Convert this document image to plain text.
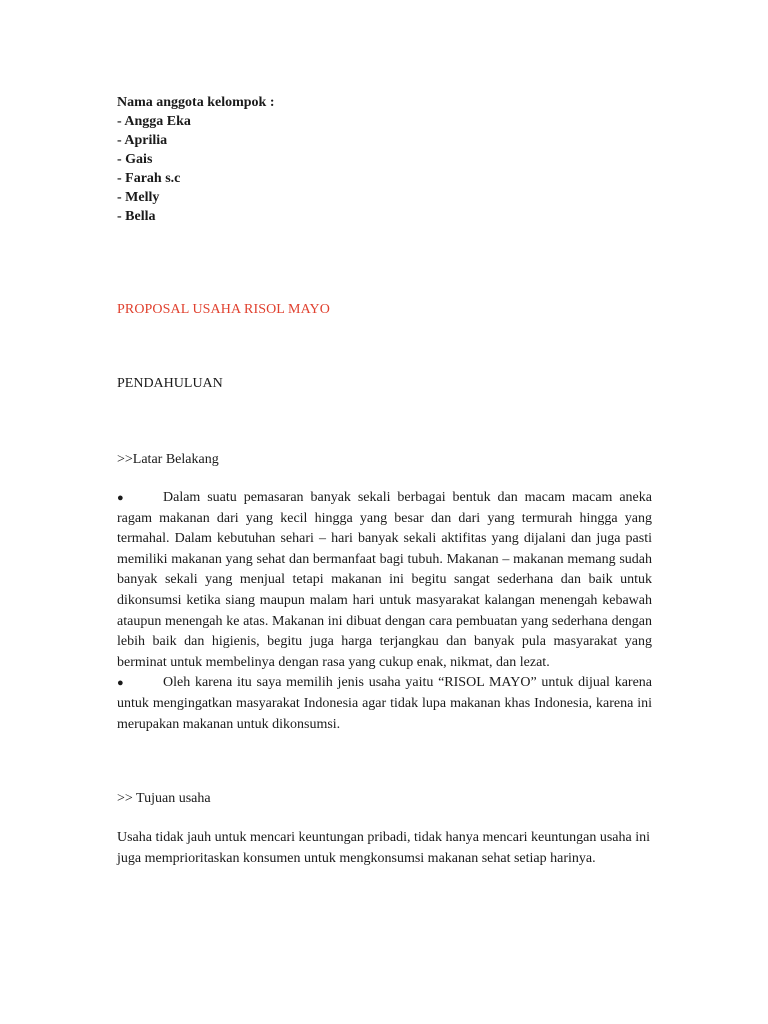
Nama anggota kelompok :
- Angga Eka
- Aprilia
- Gais
- Farah s.c
- Melly
- Bella
PROPOSAL USAHA RISOL MAYO

PENDAHULUAN

>>Latar Belakang

●	Dalam suatu pemasaran banyak sekali berbagai bentuk dan macam macam aneka ragam makanan dari yang kecil hingga yang besar dan dari yang termurah hingga yang termahal. Dalam kebutuhan sehari – hari banyak sekali aktifitas yang dijalani dan juga pasti memiliki makanan yang sehat dan bermanfaat bagi tubuh. Makanan – makanan memang sudah banyak sekali yang menjual tetapi makanan ini begitu sangat sederhana dan baik untuk dikonsumsi ketika siang maupun malam hari untuk masyarakat kalangan menengah kebawah ataupun menengah ke atas. Makanan ini dibuat dengan cara pembuatan yang sederhana dengan lebih baik dan higienis, begitu juga harga terjangkau dan banyak pula masyarakat yang berminat untuk membelinya dengan rasa yang cukup enak, nikmat, dan lezat.
●	Oleh karena itu saya memilih jenis usaha yaitu “RISOL MAYO” untuk dijual karena untuk mengingatkan masyarakat Indonesia agar tidak lupa makanan khas Indonesia, karena ini merupakan makanan untuk dikonsumsi.

>> Tujuan usaha

Usaha tidak jauh untuk mencari keuntungan pribadi, tidak hanya mencari keuntungan usaha ini juga memprioritaskan konsumen untuk mengkonsumsi makanan sehat setiap harinya.
